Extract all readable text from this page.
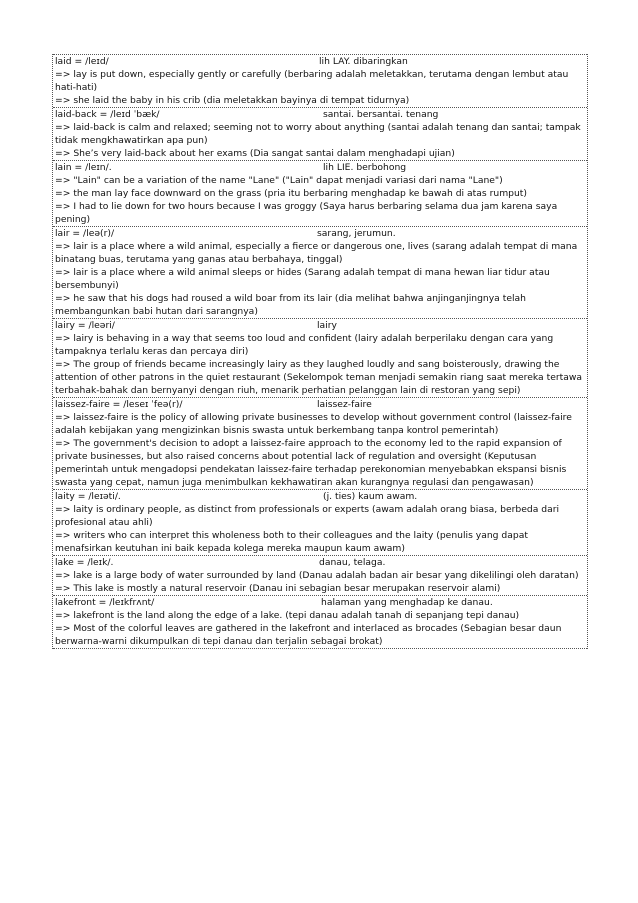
laid = /leɪd/	lih LAY. dibaringkan
=> lay is put down, especially gently or carefully (berbaring adalah meletakkan, terutama dengan lembut atau hati-hati)
=> she laid the baby in his crib (dia meletakkan bayinya di tempat tidurnya)
laid-back = /leɪd ˈbæk/	santai. bersantai. tenang
=> laid-back is calm and relaxed; seeming not to worry about anything (santai adalah tenang dan santai; tampak tidak mengkhawatirkan apa pun)
=> She’s very laid-back about her exams (Dia sangat santai dalam menghadapi ujian)
lain = /leɪn/.	lih LIE. berbohong
=> "Lain" can be a variation of the name "Lane" ("Lain" dapat menjadi variasi dari nama "Lane")
=> the man lay face downward on the grass (pria itu berbaring menghadap ke bawah di atas rumput)
=> I had to lie down for two hours because I was groggy (Saya harus berbaring selama dua jam karena saya pening)
lair = /leə(r)/	sarang, jerumun.
=> lair is a place where a wild animal, especially a fierce or dangerous one, lives (sarang adalah tempat di mana binatang buas, terutama yang ganas atau berbahaya, tinggal)
=> lair is a place where a wild animal sleeps or hides (Sarang adalah tempat di mana hewan liar tidur atau bersembunyi)
=> he saw that his dogs had roused a wild boar from its lair (dia melihat bahwa anjinganjingnya telah membangunkan babi hutan dari sarangnya)
lairy = /leəri/	lairy
=> lairy is behaving in a way that seems too loud and confident (lairy adalah berperilaku dengan cara yang tampaknya terlalu keras dan percaya diri)
=> The group of friends became increasingly lairy as they laughed loudly and sang boisterously, drawing the attention of other patrons in the quiet restaurant (Sekelompok teman menjadi semakin riang saat mereka tertawa terbahak-bahak dan bernyanyi dengan riuh, menarik perhatian pelanggan lain di restoran yang sepi)
laissez-faire = /leseɪ ˈfeə(r)/	laissez-faire
=> laissez-faire is the policy of allowing private businesses to develop without government control (laissez-faire adalah kebijakan yang mengizinkan bisnis swasta untuk berkembang tanpa kontrol pemerintah)
=> The government's decision to adopt a laissez-faire approach to the economy led to the rapid expansion of private businesses, but also raised concerns about potential lack of regulation and oversight (Keputusan pemerintah untuk mengadopsi pendekatan laissez-faire terhadap perekonomian menyebabkan ekspansi bisnis swasta yang cepat, namun juga menimbulkan kekhawatiran akan kurangnya regulasi dan pengawasan)
laity = /leɪəti/.	(j. ties) kaum awam.
=> laity is ordinary people, as distinct from professionals or experts (awam adalah orang biasa, berbeda dari profesional atau ahli)
=> writers who can interpret this wholeness both to their colleagues and the laity (penulis yang dapat menafsirkan keutuhan ini baik kepada kolega mereka maupun kaum awam)
lake = /leɪk/.	danau, telaga.
=> lake is a large body of water surrounded by land (Danau adalah badan air besar yang dikelilingi oleh daratan)
=> This lake is mostly a natural reservoir (Danau ini sebagian besar merupakan reservoir alami)
lakefront = /leɪkfrʌnt/	halaman yang menghadap ke danau.
=> lakefront is the land along the edge of a lake. (tepi danau adalah tanah di sepanjang tepi danau)
=> Most of the colorful leaves are gathered in the lakefront and interlaced as brocades (Sebagian besar daun berwarna-warni dikumpulkan di tepi danau dan terjalin sebagai brokat)
